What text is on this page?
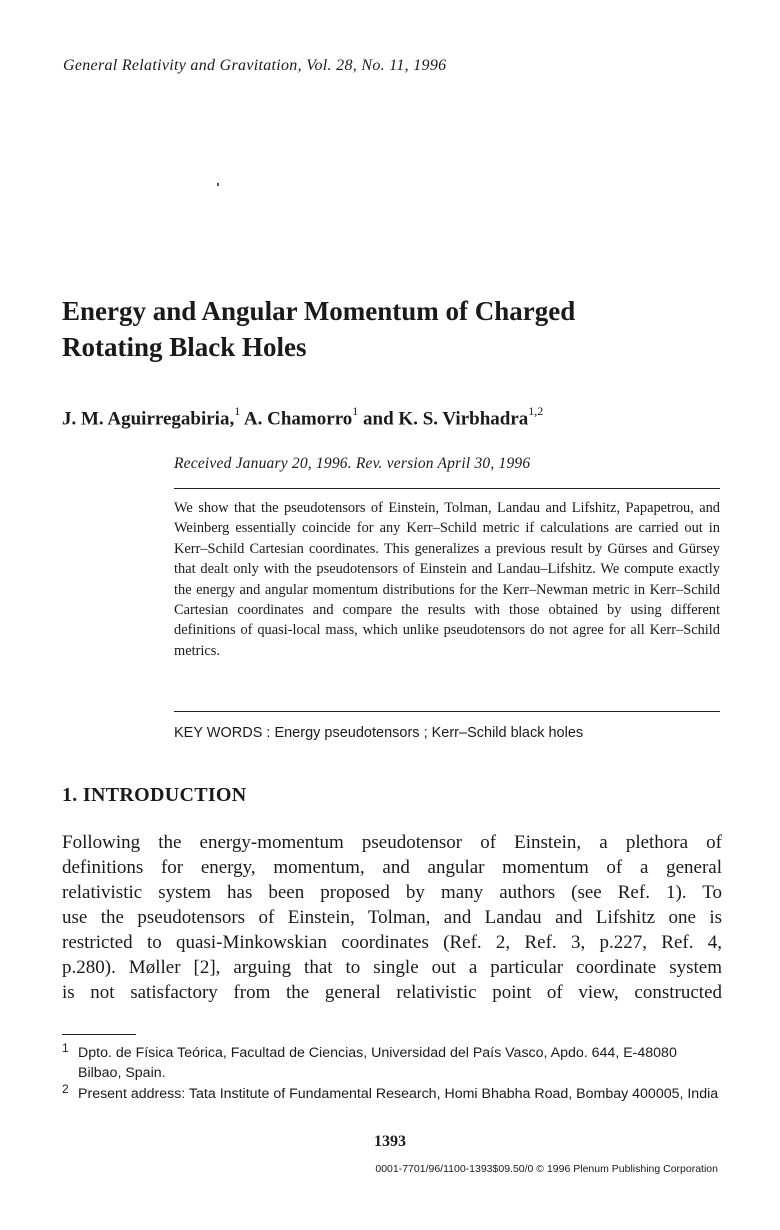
General Relativity and Gravitation, Vol. 28, No. 11, 1996
Energy and Angular Momentum of Charged
Rotating Black Holes
J. M. Aguirregabiria,$^1$ A. Chamorro$^1$ and K. S. Virbhadra$^{1,2}$
Received January 20, 1996. Rev. version April 30, 1996
We show that the pseudotensors of Einstein, Tolman, Landau and Lifshitz, Papapetrou, and Weinberg essentially coincide for any Kerr–Schild metric if calculations are carried out in Kerr–Schild Cartesian coordinates. This generalizes a previous result by Gürses and Gürsey that dealt only with the pseudotensors of Einstein and Landau–Lifshitz. We compute exactly the energy and angular momentum distributions for the Kerr–Newman metric in Kerr–Schild Cartesian coordinates and compare the results with those obtained by using different definitions of quasi-local mass, which unlike pseudotensors do not agree for all Kerr–Schild metrics.
KEY WORDS : Energy pseudotensors ; Kerr–Schild black holes
1. INTRODUCTION
Following the energy-momentum pseudotensor of Einstein, a plethora of
definitions for energy, momentum, and angular momentum of a general
relativistic system has been proposed by many authors (see Ref. 1). To
use the pseudotensors of Einstein, Tolman, and Landau and Lifshitz one is
restricted to quasi-Minkowskian coordinates (Ref. 2, Ref. 3, p.227, Ref. 4,
p.280). Møller [2], arguing that to single out a particular coordinate system
is not satisfactory from the general relativistic point of view, constructed
1 Dpto. de Física Teórica, Facultad de Ciencias, Universidad del País Vasco, Apdo. 644, E-48080 Bilbao, Spain.
2 Present address: Tata Institute of Fundamental Research, Homi Bhabha Road, Bombay 400005, India
1393
0001-7701/96/1100-1393$09.50/0 © 1996 Plenum Publishing Corporation
